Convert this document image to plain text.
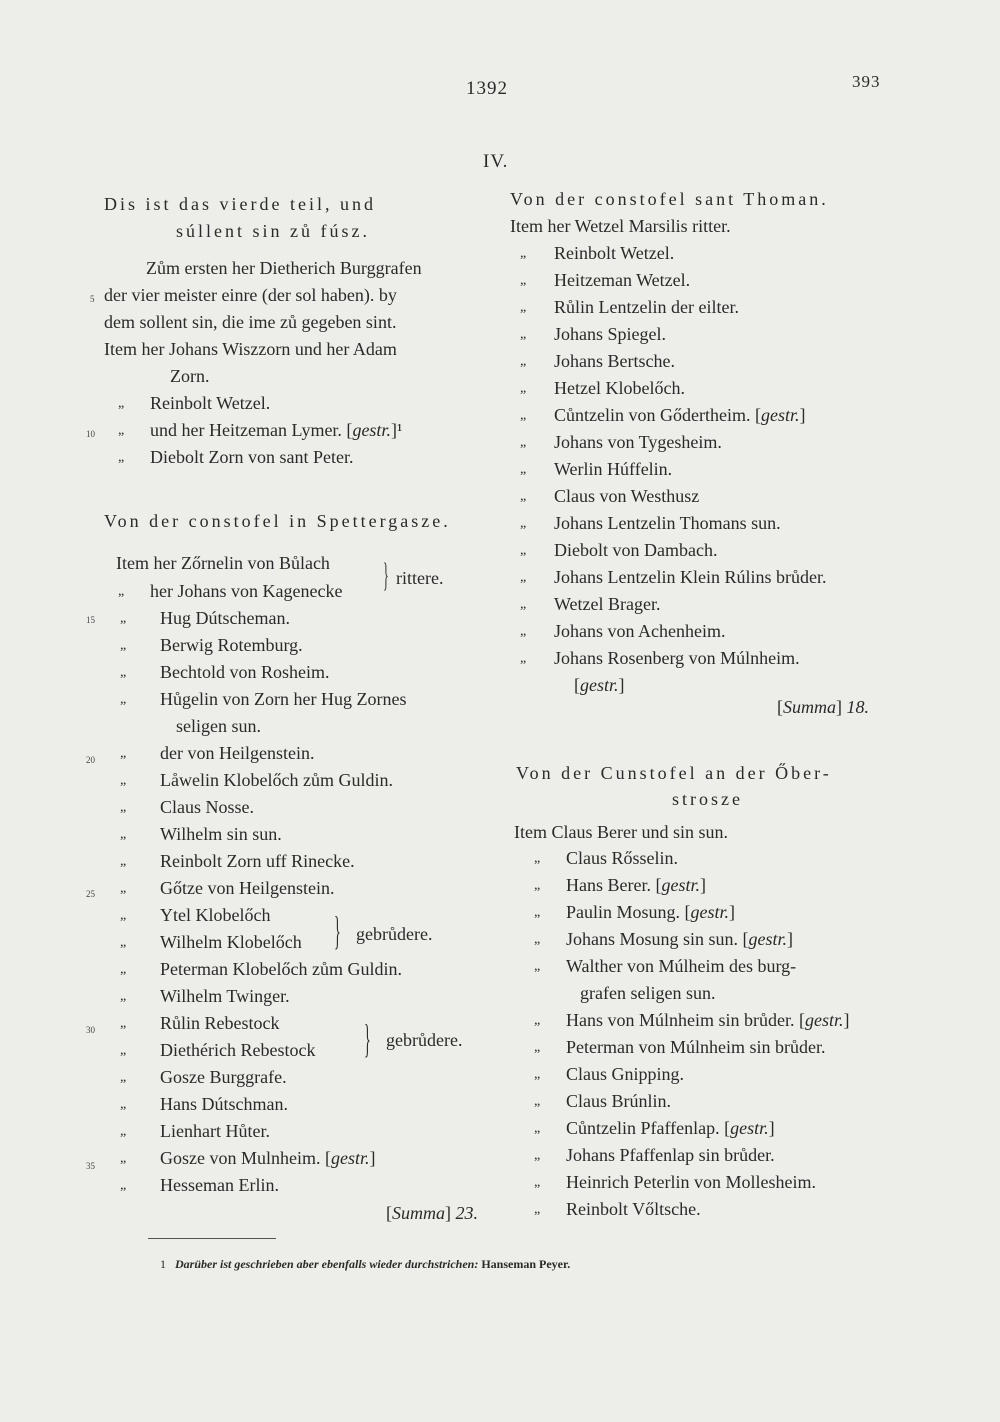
1392	393
IV.
Dis ist das vierde teil, und
súllent sin zů fúsz.
Zům ersten her Dietherich Burggrafen
der vier meister einre (der sol haben). by
dem sollent sin, die ime zů gegeben sint.
Item her Johans Wiszzorn und her Adam
Zorn.
5
10
15
20
25
30
35
„ Reinbolt Wetzel.
„ und her Heitzeman Lymer. [gestr.]¹
„ Diebolt Zorn von sant Peter.
Von der constofel in Spettergasze.
Item her Zőrnelin von Bůlach
„ her Johans von Kagenecke } rittere.
„ Hug Dútscheman.
„ Berwig Rotemburg.
„ Bechtold von Rosheim.
„ Hůgelin von Zorn her Hug Zornes
seligen sun.
„ der von Heilgenstein.
„ Låwelin Klobelőch zům Guldin.
„ Claus Nosse.
„ Wilhelm sin sun.
„ Reinbolt Zorn uff Rinecke.
„ Gőtze von Heilgenstein.
„ Ytel Klobelőch
„ Wilhelm Klobelőch
„ Peterman Klobelőch zům Guldin.
„ Wilhelm Twinger.
„ Růlin Rebestock
„ Diethérich Rebestock
„ Gosze Burggrafe.
„ Hans Dútschman.
„ Lienhart Hůter.
„ Gosze von Mulnheim. [gestr.]
„ Hesseman Erlin.
} gebrůdere.
} gebrůdere.
[Summa] 23.
Von der constofel sant Thoman.
Item her Wetzel Marsilis ritter.
„ Reinbolt Wetzel.
„ Heitzeman Wetzel.
„ Růlin Lentzelin der eilter.
„ Johans Spiegel.
„ Johans Bertsche.
„ Hetzel Klobelőch.
„ Cůntzelin von Gődertheim. [gestr.]
„ Johans von Tygesheim.
„ Werlin Húffelin.
„ Claus von Westhusz
„ Johans Lentzelin Thomans sun.
„ Diebolt von Dambach.
„ Johans Lentzelin Klein Rúlins brůder.
„ Wetzel Brager.
„ Johans von Achenheim.
„ Johans Rosenberg von Múlnheim.
[gestr.]
[Summa] 18.
Von der Cunstofel an der Őber-
strosze
Item Claus Berer und sin sun.
„ Claus Rősselin.
„ Hans Berer. [gestr.]
„ Paulin Mosung. [gestr.]
„ Johans Mosung sin sun. [gestr.]
„ Walther von Múlheim des burg-
grafen seligen sun.
„ Hans von Múlnheim sin brůder. [gestr.]
„ Peterman von Múlnheim sin brůder.
„ Claus Gnipping.
„ Claus Brúnlin.
„ Cůntzelin Pfaffenlap. [gestr.]
„ Johans Pfaffenlap sin brůder.
„ Heinrich Peterlin von Mollesheim.
„ Reinbolt Vőltsche.
1 Darüber ist geschrieben aber ebenfalls wieder durchstrichen: Hanseman Peyer.
